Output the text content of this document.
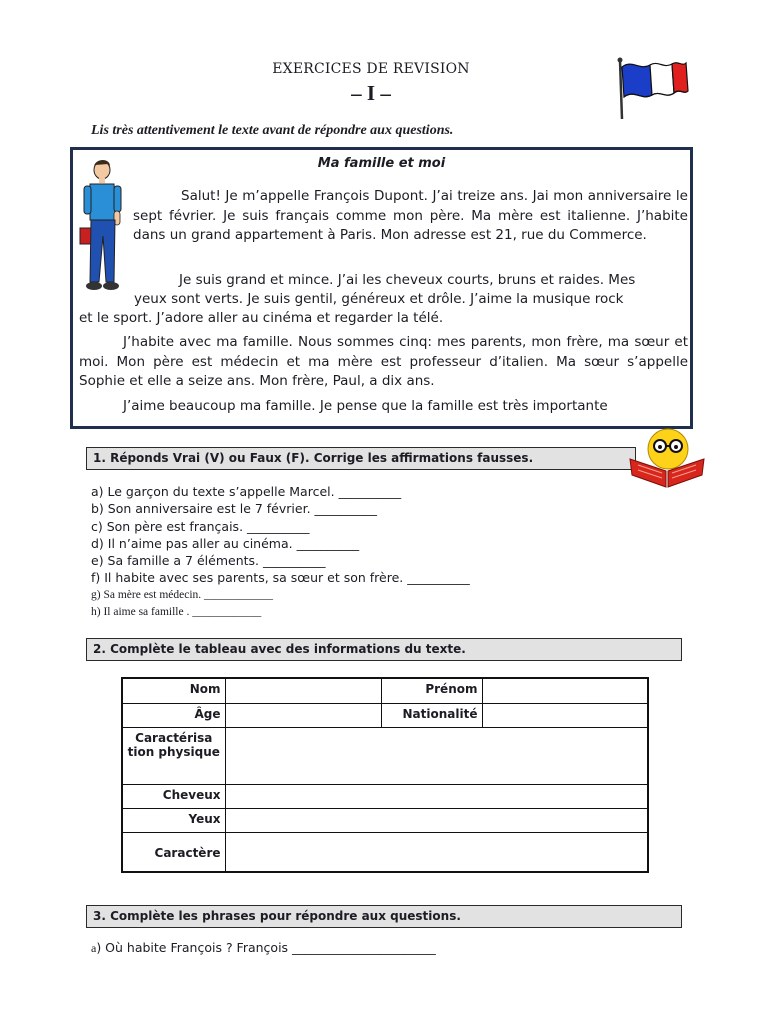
EXERCICES DE REVISION
– I –
Lis très attentivement le texte avant de répondre aux questions.
Ma famille et moi

Salut! Je m’appelle François Dupont. J’ai treize ans. Jai mon anniversaire le sept février. Je suis français comme mon père. Ma mère est italienne. J’habite dans un grand appartement à Paris. Mon adresse est 21, rue du Commerce.

Je suis grand et mince. J’ai les cheveux courts, bruns et raides. Mes
yeux sont verts. Je suis gentil, généreux et drôle. J’aime la musique rock
et le sport. J’adore aller au cinéma et regarder la télé.

J’habite avec ma famille. Nous sommes cinq: mes parents, mon frère, ma sœur et moi. Mon père est médecin et ma mère est professeur d’italien. Ma sœur s’appelle Sophie et elle a seize ans. Mon frère, Paul, a dix ans.

J’aime beaucoup ma famille. Je pense que la famille est très importante

1. Réponds Vrai (V) ou Faux (F). Corrige les affirmations fausses.
a) Le garçon du texte s’appelle Marcel. __________
b) Son anniversaire est le 7 février. __________
c) Son père est français. __________
d) Il n’aime pas aller au cinéma. __________
e) Sa famille a 7 éléments. __________
f) Il habite avec ses parents, sa sœur et son frère. __________
g) Sa mère est médecin. ____________
h) Il aime sa famille . ____________
2. Complète le tableau avec des informations du texte.
Nom		Prénom	
Âge		Nationalité	
Caractérisa tion physique			
Cheveux			
Yeux			
Caractère			
3. Complète les phrases pour répondre aux questions.
a) Où habite François ? François _______________________
